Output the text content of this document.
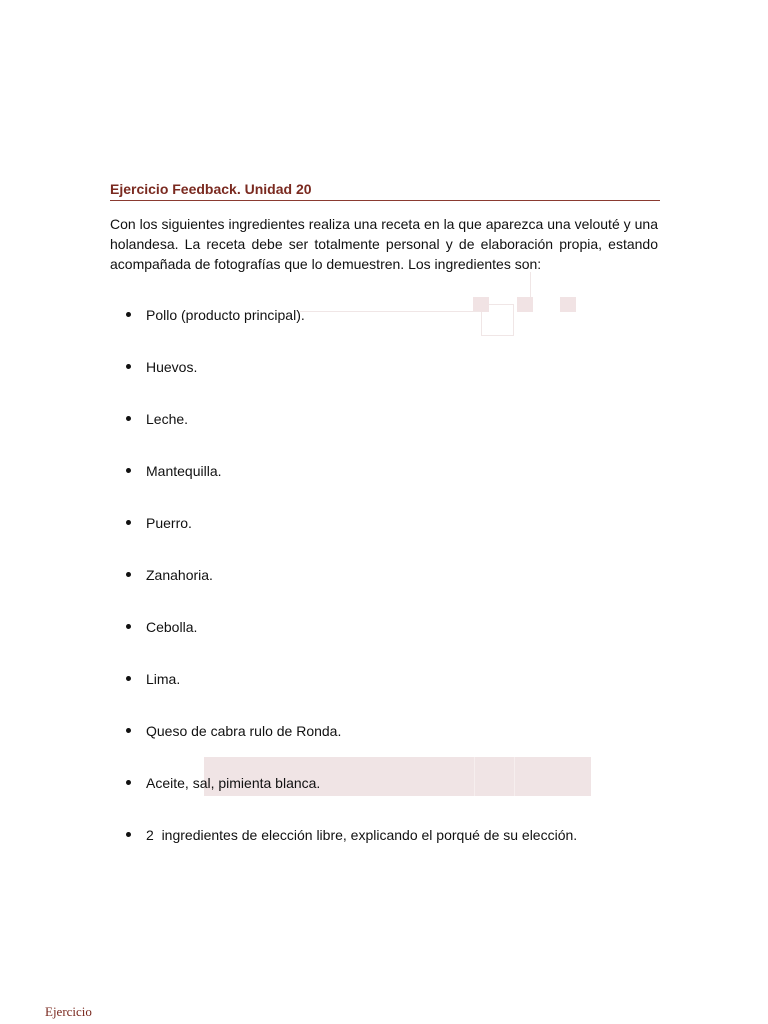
Ejercicio Feedback. Unidad 20
Con los siguientes ingredientes realiza una receta en la que aparezca una velouté y una holandesa. La receta debe ser totalmente personal y de elaboración propia, estando acompañada de fotografías que lo demuestren. Los ingredientes son:
Pollo (producto principal).
Huevos.
Leche.
Mantequilla.
Puerro.
Zanahoria.
Cebolla.
Lima.
Queso de cabra rulo de Ronda.
Aceite, sal, pimienta blanca.
2  ingredientes de elección libre, explicando el porqué de su elección.
Ejercicio
